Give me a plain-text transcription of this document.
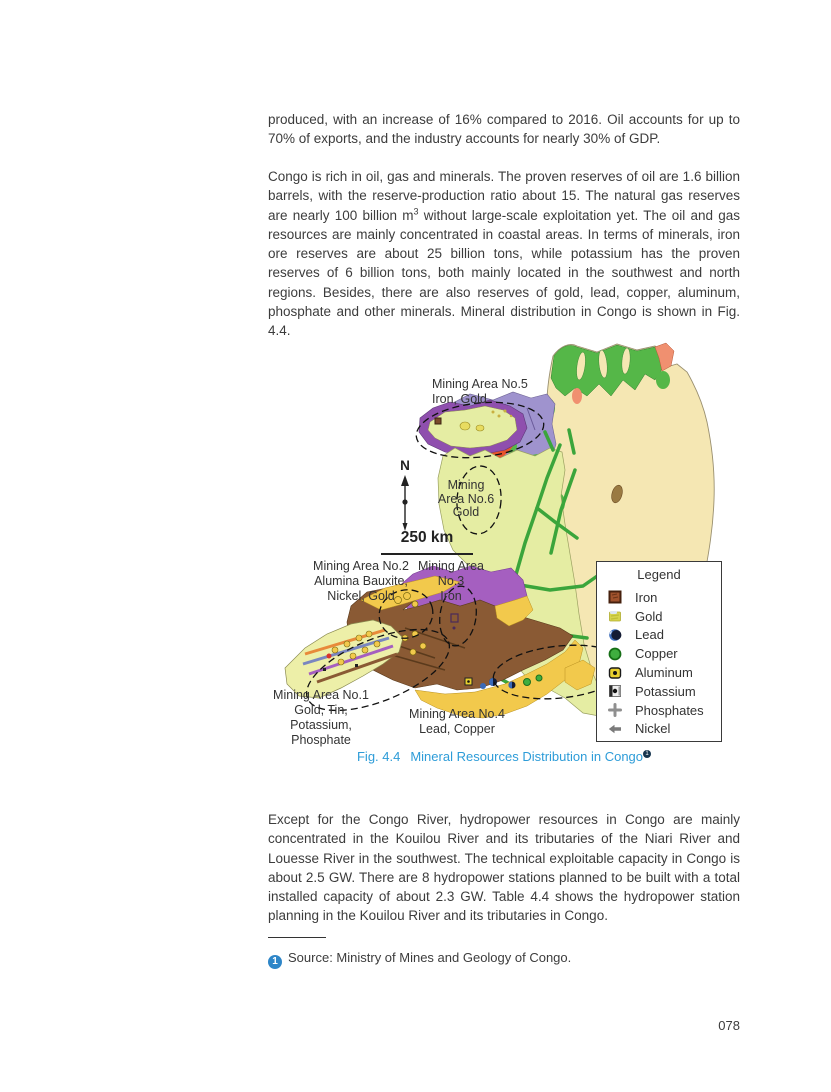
produced, with an increase of 16% compared to 2016. Oil accounts for up to 70% of exports, and the industry accounts for nearly 30% of GDP.

Congo is rich in oil, gas and minerals. The proven reserves of oil are 1.6 billion barrels, with the reserve-production ratio about 15. The natural gas reserves are nearly 100 billion $m^3$ without large-scale exploitation yet. The oil and gas resources are mainly concentrated in coastal areas. In terms of minerals, iron ore reserves are about 25 billion tons, while potassium has the proven reserves of 6 billion tons, both mainly located in the southwest and north regions. Besides, there are also reserves of gold, lead, copper, aluminum, phosphate and other minerals. Mineral distribution in Congo is shown in Fig. 4.4.

Mining Area No.5
Iron, Gold
Mining
Area No.6
Gold
Mining Area No.2
Alumina Bauxite,
Nickel, Gold
Mining Area
No.3
Iron
Mining Area No.1
Gold, Tin, Potassium,
Phosphate
Mining Area No.4
Lead, Copper
N
250 km
Legend
Iron
Gold
Lead
Copper
Aluminum
Potassium
Phosphates
Nickel
Fig. 4.4 Mineral Resources Distribution in Congo 1

Except for the Congo River, hydropower resources in Congo are mainly concentrated in the Kouilou River and its tributaries of the Niari River and Louesse River in the southwest. The technical exploitable capacity in Congo is about 2.5 GW. There are 8 hydropower stations planned to be built with a total installed capacity of about 2.3 GW. Table 4.4 shows the hydropower station planning in the Kouilou River and its tributaries in Congo.

1 Source: Ministry of Mines and Geology of Congo.
078
